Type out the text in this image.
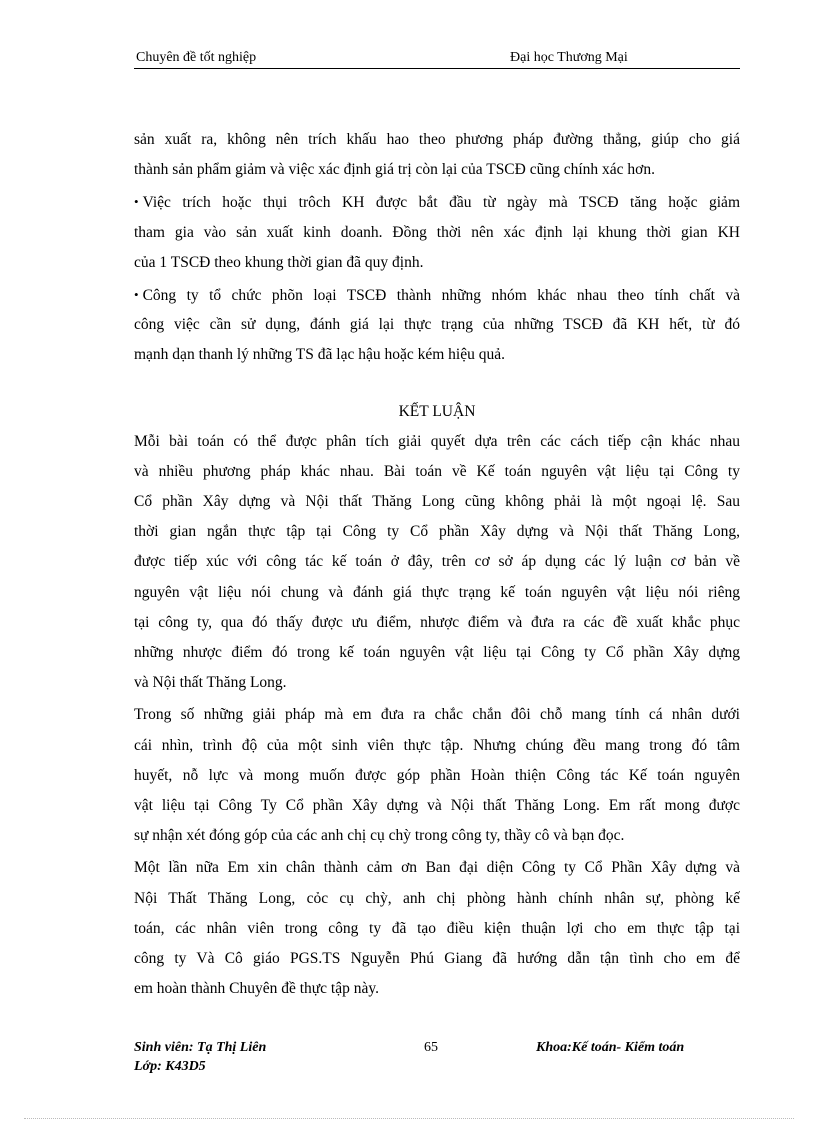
Chuyên đề tốt nghiệp	Đại học Thương Mại
sản xuất ra, không nên trích khấu hao theo phương pháp đường thẳng, giúp cho giá
thành sản phẩm giảm và việc xác định giá trị còn lại của TSCĐ cũng chính xác hơn.
• Việc trích hoặc thụi trôch KH được bắt đầu từ ngày mà TSCĐ tăng hoặc giảm
tham gia vào sản xuất kinh doanh. Đồng thời nên xác định lại khung thời gian KH
của 1 TSCĐ theo khung thời gian đã quy định.
• Công ty tổ chức phõn loại TSCĐ thành những nhóm khác nhau theo tính chất và
công việc cần sử dụng, đánh giá lại thực trạng của những TSCĐ đã KH hết, từ đó
mạnh dạn thanh lý những TS đã lạc hậu hoặc kém hiệu quả.
KẾT LUẬN
Mỗi bài toán có thể được phân tích giải quyết dựa trên các cách tiếp cận khác nhau
và nhiều phương pháp khác nhau. Bài toán về Kế toán nguyên vật liệu tại Công ty
Cổ phần Xây dựng và Nội thất Thăng Long cũng không phải là một ngoại lệ. Sau
thời gian ngắn thực tập tại Công ty Cổ phần Xây dựng và Nội thất Thăng Long,
được tiếp xúc với công tác kế toán ở đây, trên cơ sở áp dụng các lý luận cơ bản về
nguyên vật liệu nói chung và đánh giá thực trạng kế toán nguyên vật liệu nói riêng
tại công ty, qua đó thấy được ưu điểm, nhược điểm và đưa ra các đề xuất khắc phục
những nhược điểm đó trong kế toán nguyên vật liệu tại Công ty Cổ phần Xây dựng
và Nội thất Thăng Long.
Trong số những giải pháp mà em đưa ra chắc chắn đôi chỗ mang tính cá nhân dưới
cái nhìn, trình độ của một sinh viên thực tập. Nhưng chúng đều mang trong đó tâm
huyết, nỗ lực và mong muốn được góp phần Hoàn thiện Công tác Kế toán nguyên
vật liệu tại Công Ty Cổ phần Xây dựng và Nội thất Thăng Long. Em rất mong được
sự nhận xét đóng góp của các anh chị cụ chỳ trong công ty, thầy cô và bạn đọc.
Một lần nữa Em xin chân thành cảm ơn Ban đại diện Công ty Cổ Phần Xây dựng và
Nội Thất Thăng Long, cỏc cụ chỳ, anh chị phòng hành chính nhân sự, phòng kế
toán, các nhân viên trong công ty đã tạo điều kiện thuận lợi cho em thực tập tại
công ty Và Cô giáo PGS.TS Nguyễn Phú Giang đã hướng dẫn tận tình cho em để
em hoàn thành Chuyên đề thực tập này.
Sinh viên: Tạ Thị Liên
Lớp: K43D5
65	Khoa:Kế toán- Kiểm toán
